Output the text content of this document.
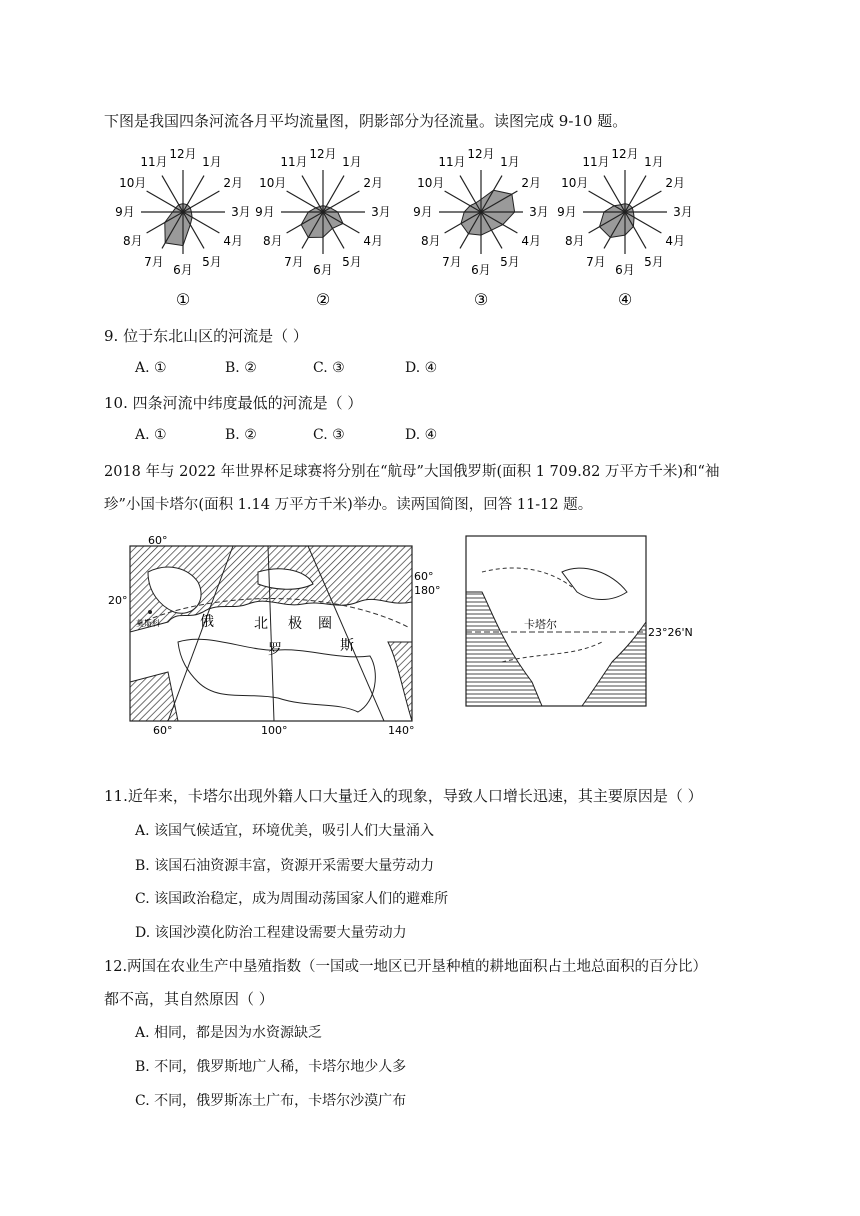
下图是我国四条河流各月平均流量图，阴影部分为径流量。读图完成 9-10 题。
1月
2月
3月
4月
5月
6月
7月
8月
9月
10月
11月
12月
①
1月
2月
3月
4月
5月
6月
7月
8月
9月
10月
11月
12月
②
1月
2月
3月
4月
5月
6月
7月
8月
9月
10月
11月
12月
③
1月
2月
3月
4月
5月
6月
7月
8月
9月
10月
11月
12月
④
9. 位于东北山区的河流是（ ）
A. ①	B. ②	C. ③	D. ④
10. 四条河流中纬度最低的河流是（ ）
A. ①	B. ②	C. ③	D. ④
2018 年与 2022 年世界杯足球赛将分别在“航母”大国俄罗斯(面积 1 709.82 万平方千米)和“袖
珍”小国卡塔尔(面积 1.14 万平方千米)举办。读两国简图，回答 11-12 题。
60°
20°
60°
180°
60°	100°	140°
莫斯科	俄
罗
北 极 圈
斯
卡塔尔
23°26'N
11.近年来，卡塔尔出现外籍人口大量迁入的现象，导致人口增长迅速，其主要原因是（ ）
A. 该国气候适宜，环境优美，吸引人们大量涌入
B. 该国石油资源丰富，资源开采需要大量劳动力
C. 该国政治稳定，成为周围动荡国家人们的避难所
D. 该国沙漠化防治工程建设需要大量劳动力
12.两国在农业生产中垦殖指数（一国或一地区已开垦种植的耕地面积占土地总面积的百分比）
都不高，其自然原因（ ）
A. 相同，都是因为水资源缺乏
B. 不同，俄罗斯地广人稀，卡塔尔地少人多
C. 不同，俄罗斯冻土广布，卡塔尔沙漠广布
